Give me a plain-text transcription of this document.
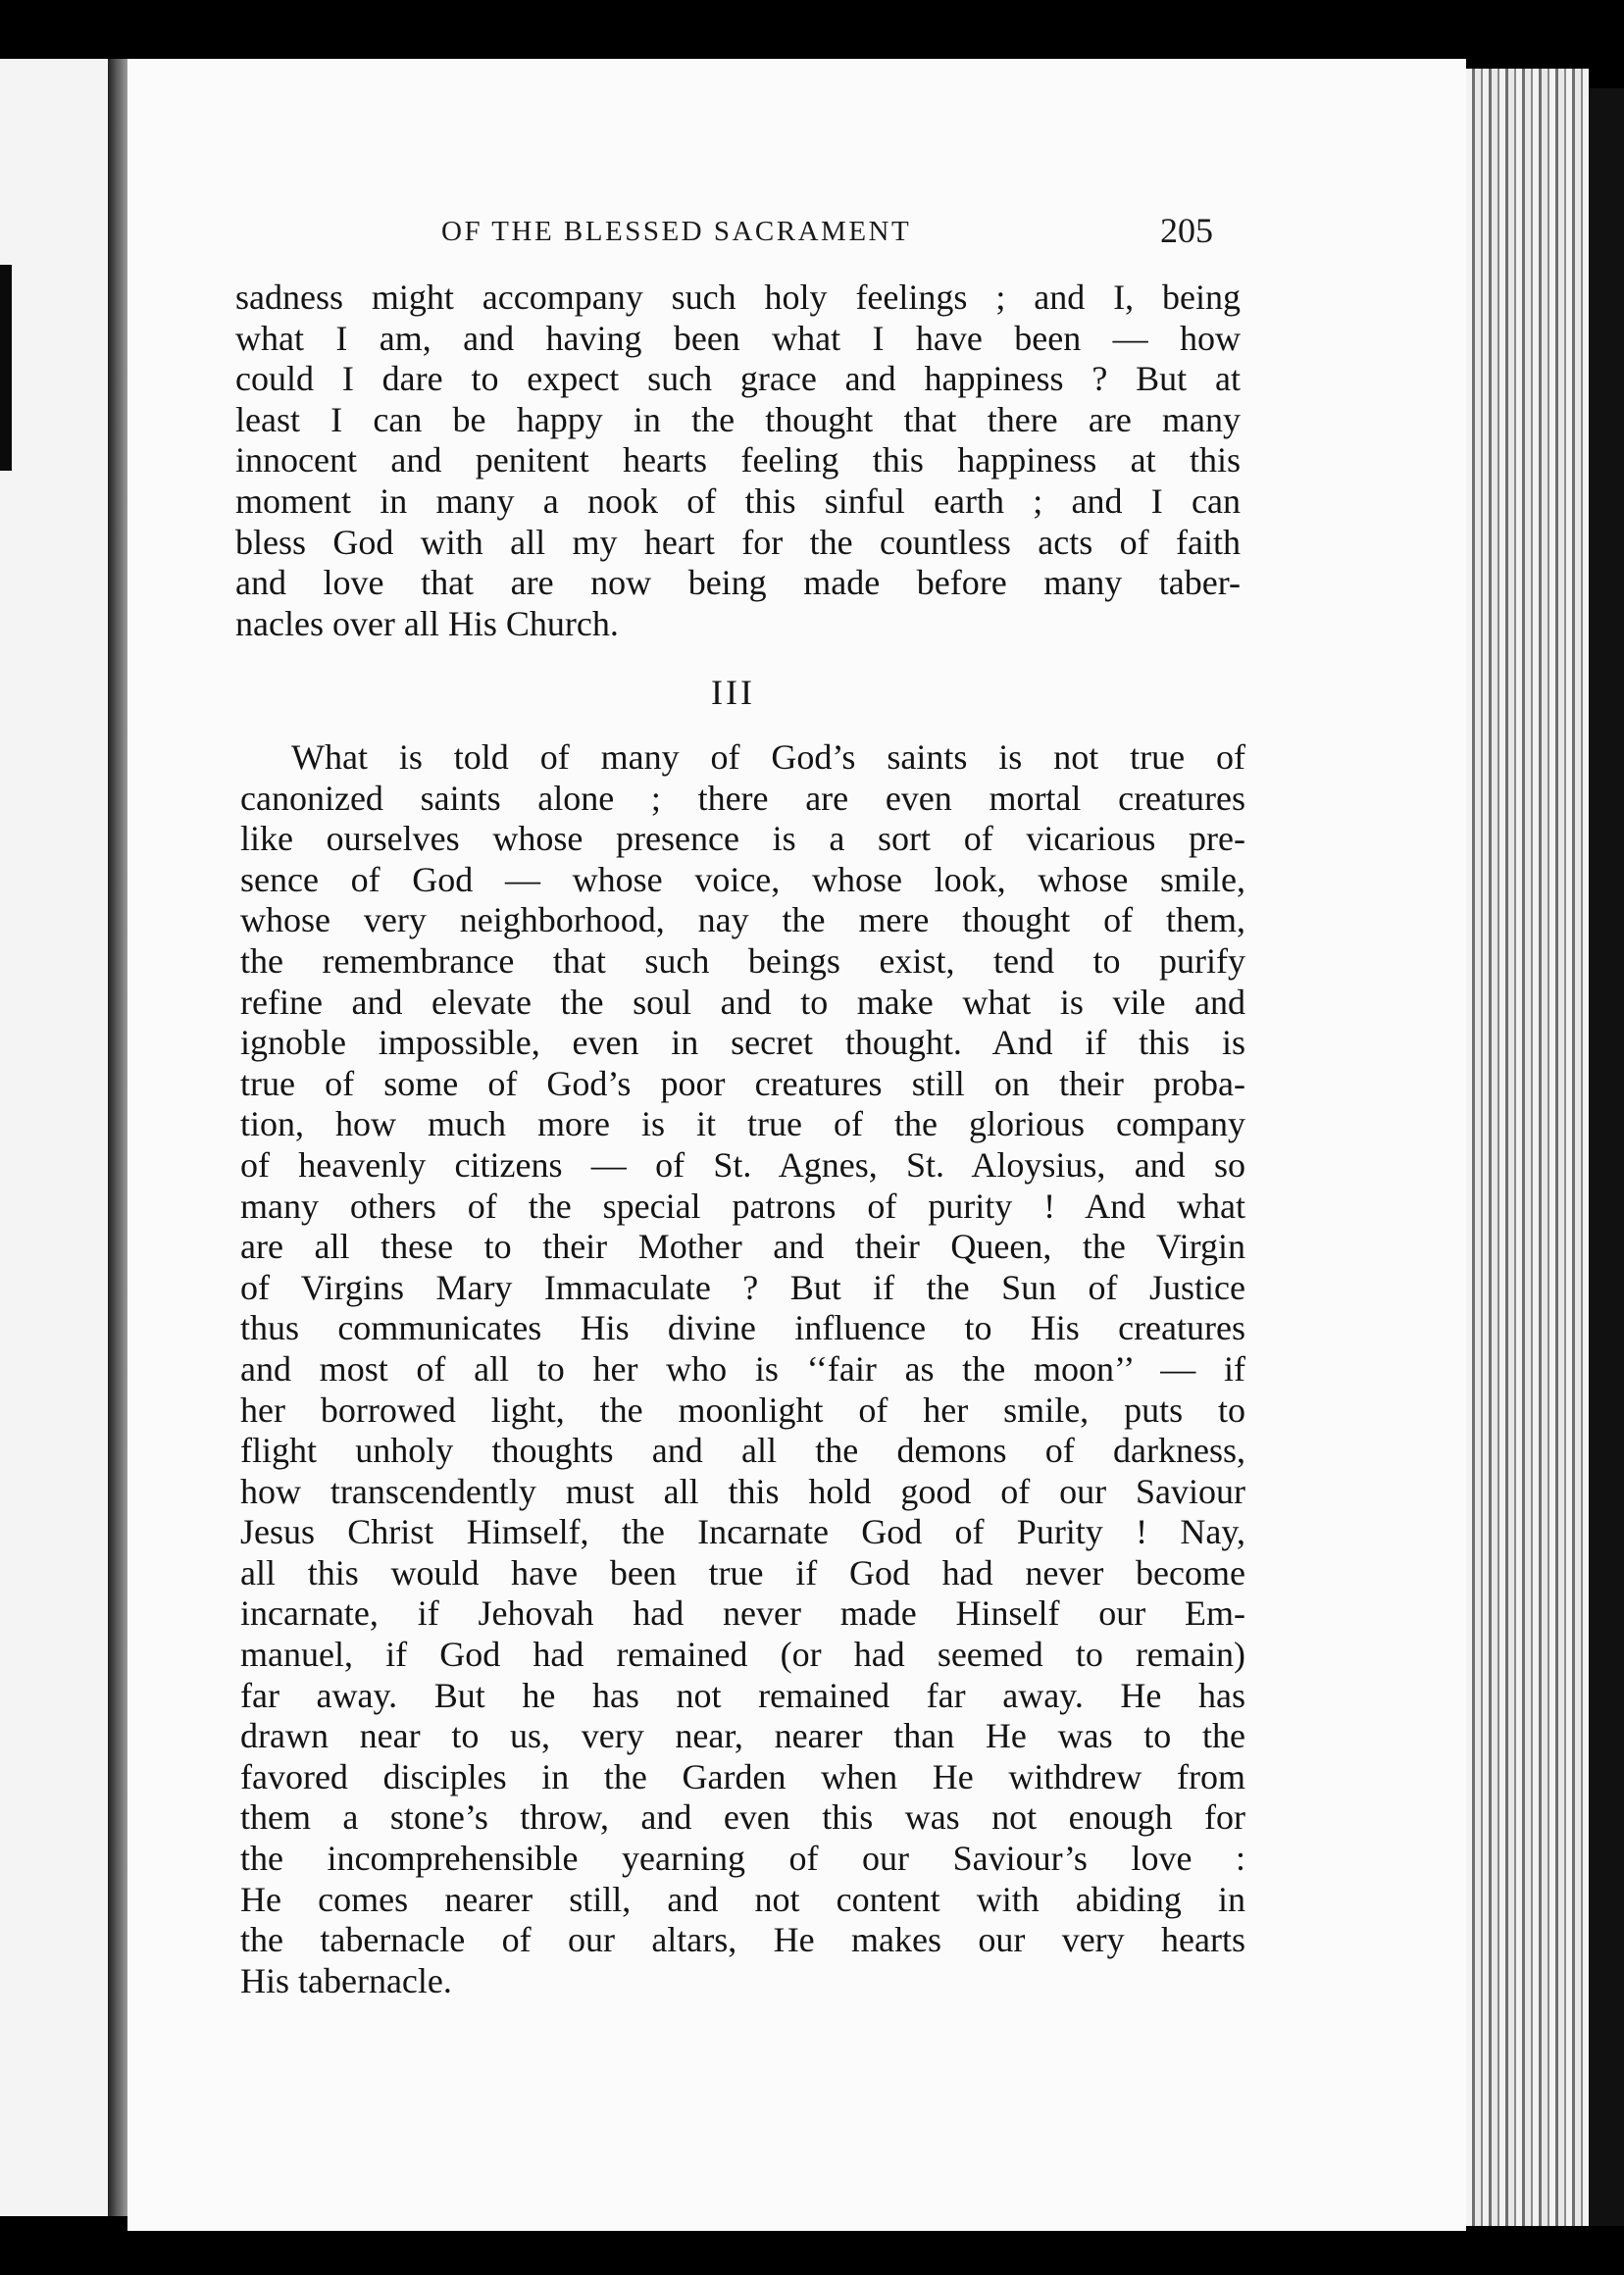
OF THE BLESSED SACRAMENT	205
sadness might accompany such holy feelings ; and I, being
what I am, and having been what I have been — how
could I dare to expect such grace and happiness ? But at
least I can be happy in the thought that there are many
innocent and penitent hearts feeling this happiness at this
moment in many a nook of this sinful earth ; and I can
bless God with all my heart for the countless acts of faith
and love that are now being made before many taber-
nacles over all His Church.
III
What is told of many of God’s saints is not true of
canonized saints alone ; there are even mortal creatures
like ourselves whose presence is a sort of vicarious pre-
sence of God — whose voice, whose look, whose smile,
whose very neighborhood, nay the mere thought of them,
the remembrance that such beings exist, tend to purify
refine and elevate the soul and to make what is vile and
ignoble impossible, even in secret thought. And if this is
true of some of God’s poor creatures still on their proba-
tion, how much more is it true of the glorious company
of heavenly citizens — of St. Agnes, St. Aloysius, and so
many others of the special patrons of purity ! And what
are all these to their Mother and their Queen, the Virgin
of Virgins Mary Immaculate ? But if the Sun of Justice
thus communicates His divine influence to His creatures
and most of all to her who is ‘‘fair as the moon’’ — if
her borrowed light, the moonlight of her smile, puts to
flight unholy thoughts and all the demons of darkness,
how transcendently must all this hold good of our Saviour
Jesus Christ Himself, the Incarnate God of Purity ! Nay,
all this would have been true if God had never become
incarnate, if Jehovah had never made Hinself our Em-
manuel, if God had remained (or had seemed to remain)
far away. But he has not remained far away. He has
drawn near to us, very near, nearer than He was to the
favored disciples in the Garden when He withdrew from
them a stone’s throw, and even this was not enough for
the incomprehensible yearning of our Saviour’s love :
He comes nearer still, and not content with abiding in
the tabernacle of our altars, He makes our very hearts
His tabernacle.
